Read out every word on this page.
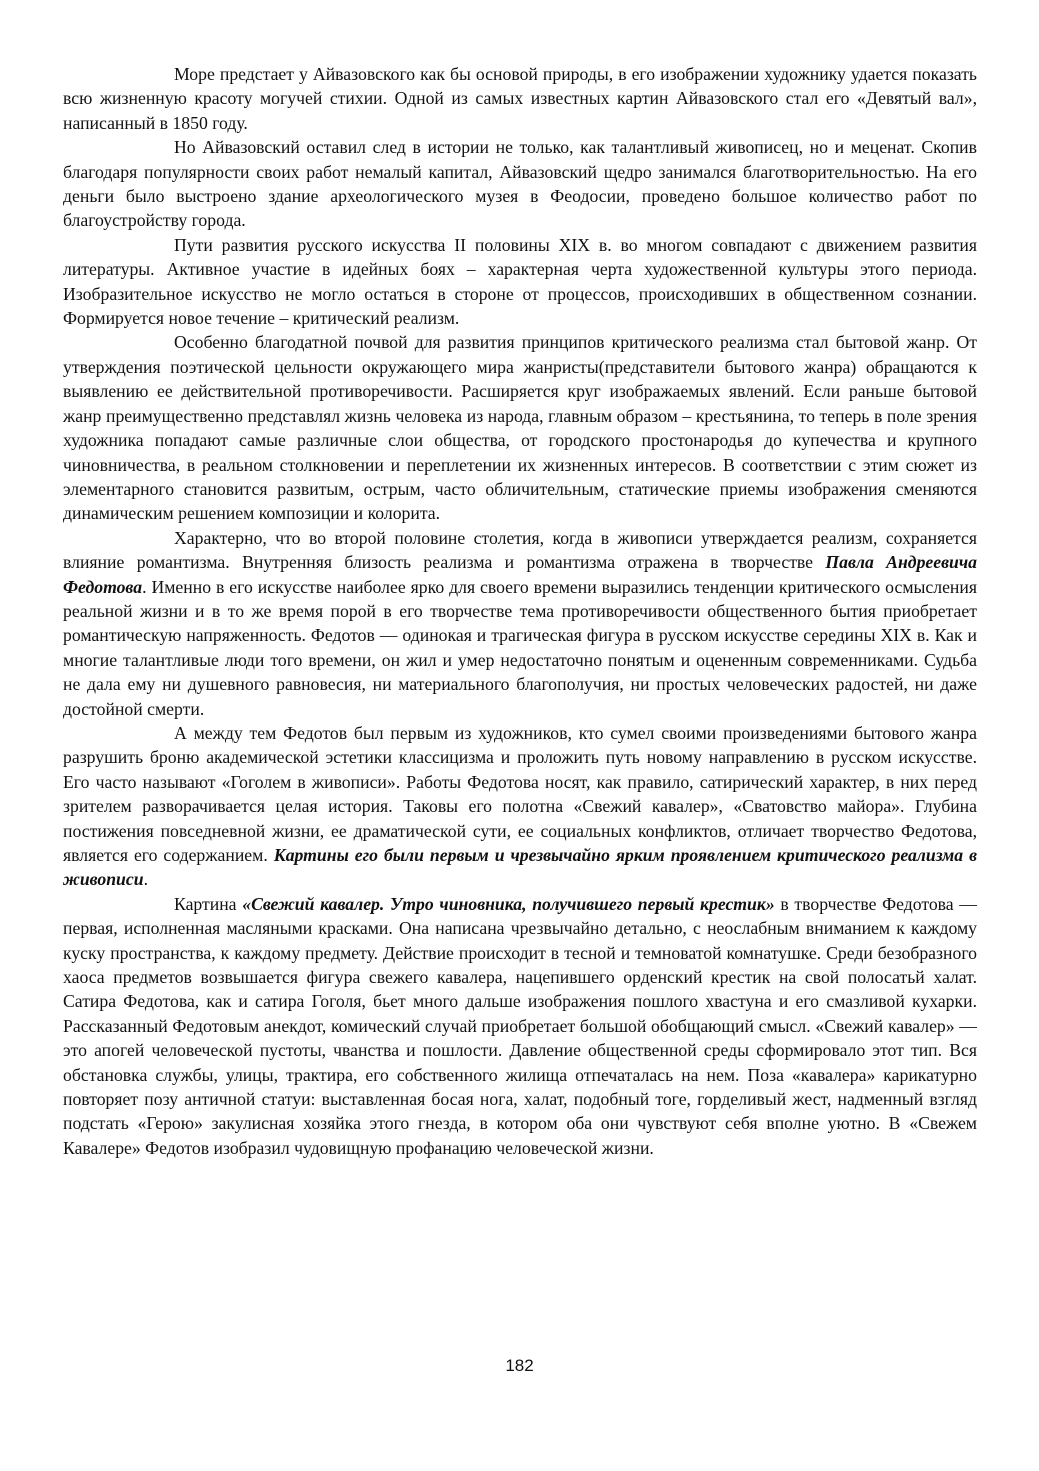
Море предстает у Айвазовского как бы основой природы, в его изображении художнику удается показать всю жизненную красоту могучей стихии. Одной из самых известных картин Айвазовского стал его «Девятый вал», написанный в 1850 году.

Но Айвазовский оставил след в истории не только, как талантливый живописец, но и меценат. Скопив благодаря популярности своих работ немалый капитал, Айвазовский щедро занимался благотворительностью. На его деньги было выстроено здание археологического музея в Феодосии, проведено большое количество работ по благоустройству города.

Пути развития русского искусства II половины XIX в. во многом совпадают с движением развития литературы. Активное участие в идейных боях – характерная черта художественной культуры этого периода. Изобразительное искусство не могло остаться в стороне от процессов, происходивших в общественном сознании. Формируется новое течение – критический реализм.

Особенно благодатной почвой для развития принципов критического реализма стал бытовой жанр. От утверждения поэтической цельности окружающего мира жанристы(представители бытового жанра) обращаются к выявлению ее действительной противоречивости. Расширяется круг изображаемых явлений. Если раньше бытовой жанр преимущественно представлял жизнь человека из народа, главным образом – крестьянина, то теперь в поле зрения художника попадают самые различные слои общества, от городского простонародья до купечества и крупного чиновничества, в реальном столкновении и переплетении их жизненных интересов. В соответствии с этим сюжет из элементарного становится развитым, острым, часто обличительным, статические приемы изображения сменяются динамическим решением композиции и колорита.

Характерно, что во второй половине столетия, когда в живописи утверждается реализм, сохраняется влияние романтизма. Внутренняя близость реализма и романтизма отражена в творчестве Павла Андреевича Федотова. Именно в его искусстве наиболее ярко для своего времени выразились тенденции критического осмысления реальной жизни и в то же время порой в его творчестве тема противоречивости общественного бытия приобретает романтическую напряженность. Федотов — одинокая и трагическая фигура в русском искусстве середины XIX в. Как и многие талантливые люди того времени, он жил и умер недостаточно понятым и оцененным современниками. Судьба не дала ему ни душевного равновесия, ни материального благополучия, ни простых человеческих радостей, ни даже достойной смерти.

А между тем Федотов был первым из художников, кто сумел своими произведениями бытового жанра разрушить броню академической эстетики классицизма и проложить путь новому направлению в русском искусстве. Его часто называют «Гоголем в живописи». Работы Федотова носят, как правило, сатирический характер, в них перед зрителем разворачивается целая история. Таковы его полотна «Свежий кавалер», «Сватовство майора». Глубина постижения повседневной жизни, ее драматической сути, ее социальных конфликтов, отличает творчество Федотова, является его содержанием. Картины его были первым и чрезвычайно ярким проявлением критического реализма в живописи.

Картина «Свежий кавалер. Утро чиновника, получившего первый крестик» в творчестве Федотова — первая, исполненная масляными красками. Она написана чрезвычайно детально, с неослабным вниманием к каждому куску пространства, к каждому предмету. Действие происходит в тесной и темноватой комнатушке. Среди безобразного хаоса предметов возвышается фигура свежего кавалера, нацепившего орденский крестик на свой полосатьй халат. Сатира Федотова, как и сатира Гоголя, бьет много дальше изображения пошлого хвастуна и его смазливой кухарки. Рассказанный Федотовым анекдот, комический случай приобретает большой обобщающий смысл. «Свежий кавалер» — это апогей человеческой пустоты, чванства и пошлости. Давление общественной среды сформировало этот тип. Вся обстановка службы, улицы, трактира, его собственного жилища отпечаталась на нем. Поза «кавалера» карикатурно повторяет позу античной статуи: выставленная босая нога, халат, подобный тоге, горделивый жест, надменный взгляд подстать «Герою» закулисная хозяйка этого гнезда, в котором оба они чувствуют себя вполне уютно. В «Свежем Кавалере» Федотов изобразил чудовищную профанацию человеческой жизни.

182
